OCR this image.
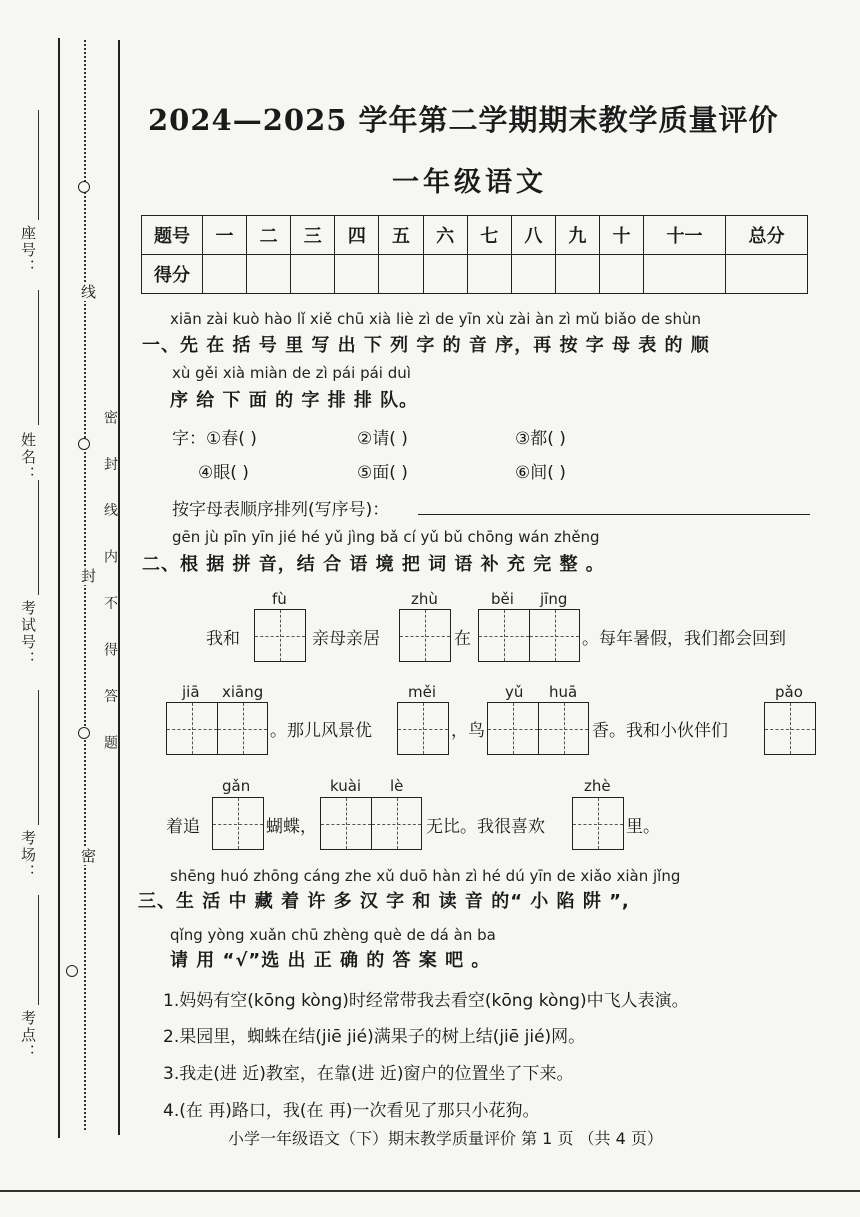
线
封
密
密 封 线 内 不 得 答 题
座号：
姓名：
考试号：
考场：
考点：
2024—2025 学年第二学期期末教学质量评价
一年级语文
题号	一	二	三	四	五	六	七	八	九	十	十一	总分
得分												
xiān zài kuò hào lǐ xiě chū xià liè zì de yīn xù zài àn zì mǔ biǎo de shùn
一、先 在 括 号 里 写 出 下 列 字 的 音 序，再 按 字 母 表 的 顺
xù gěi xià miàn de zì pái pái duì
序 给 下 面 的 字 排 排 队。
字：①春( )	②请( )	③都( )
④眼( )	⑤面( )	⑥间( )
按字母表顺序排列(写序号)：
gēn jù pīn yīn jié hé yǔ jìng bǎ cí yǔ bǔ chōng wán zhěng
二、根 据 拼 音，结 合 语 境 把 词 语 补 充 完 整 。
我和
fù
亲母亲居
zhù
在
běi jīng
。每年暑假，我们都会回到
jiā xiāng
。那儿风景优
měi
，鸟
yǔ huā
香。我和小伙伴们
pǎo
gǎn
着追	蝴蝶，
kuài lè
无比。我很喜欢
zhè
里。
shēng huó zhōng cáng zhe xǔ duō hàn zì hé dú yīn de xiǎo xiàn jǐng
三、生 活 中 藏 着 许 多 汉 字 和 读 音 的“ 小 陷 阱 ”,
qǐng yòng xuǎn chū zhèng què de dá àn ba
请 用 “√”选 出 正 确 的 答 案 吧 。
1.妈妈有空(kōng kòng)时经常带我去看空(kōng kòng)中飞人表演。
2.果园里，蜘蛛在结(jiē jié)满果子的树上结(jiē jié)网。
3.我走(进 近)教室，在靠(进 近)窗户的位置坐了下来。
4.(在 再)路口，我(在 再)一次看见了那只小花狗。
小学一年级语文（下）期末教学质量评价 第 1 页 （共 4 页）
